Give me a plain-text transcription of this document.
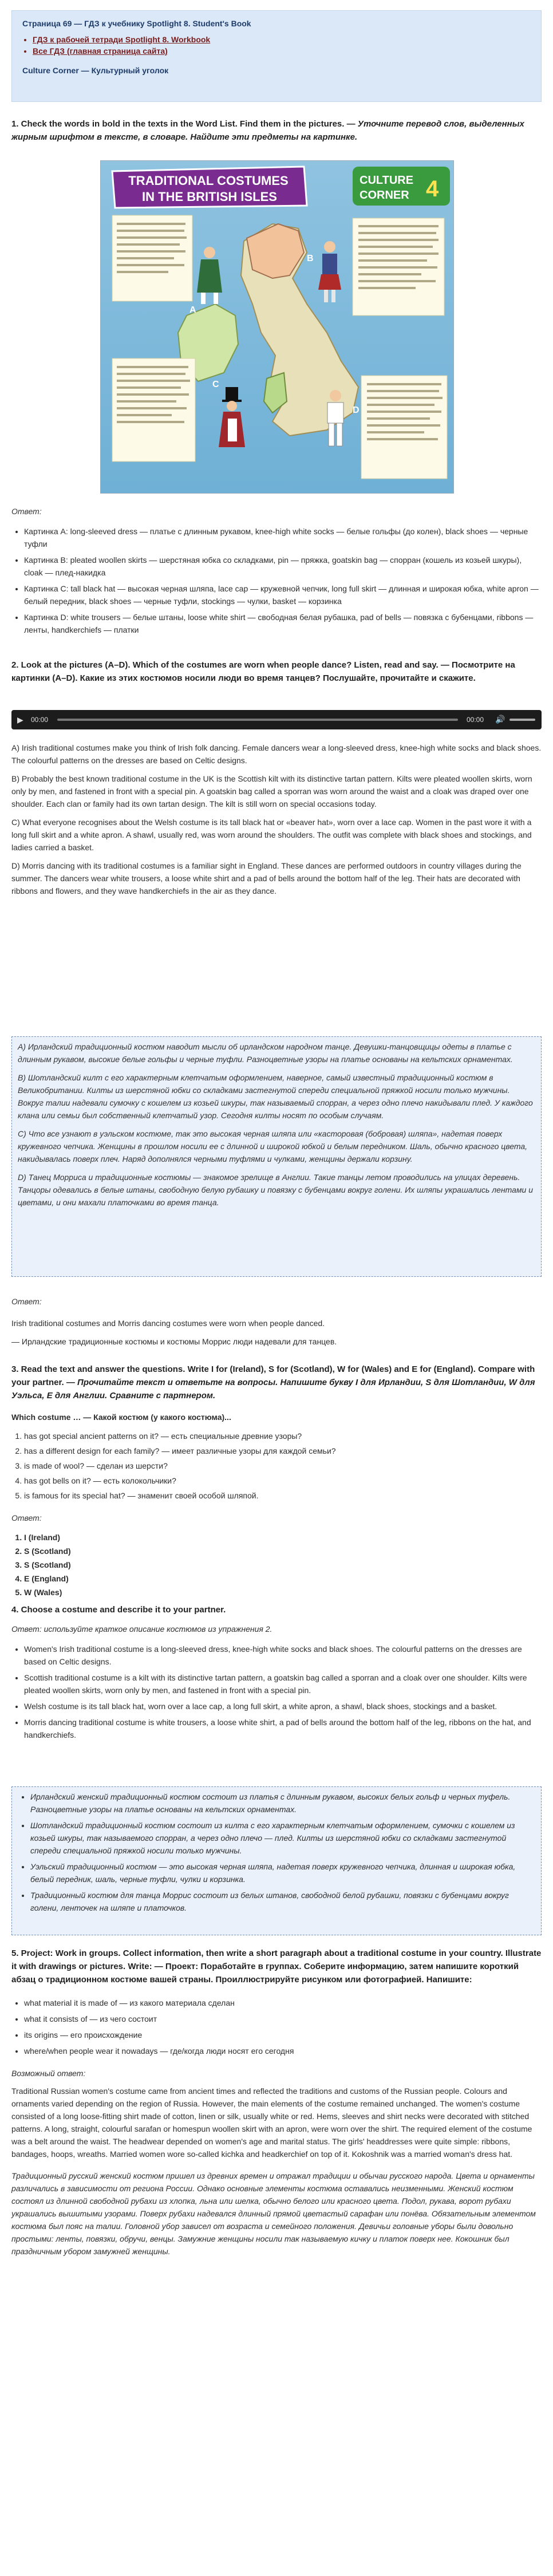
Страница 69 — ГДЗ к учебнику Spotlight 8. Student's Book

• ГДЗ к рабочей тетради Spotlight 8. Workbook
• Все ГДЗ (главная страница сайта)

Culture Corner — Культурный уголок

1. Check the words in bold in the texts in the Word List. Find them in the pictures. — Уточните перевод слов, выделенных жирным шрифтом в тексте, в словаре. Найдите эти предметы на картинке.

TRADITIONAL COSTUMES
IN THE BRITISH ISLES
CULTURE
CORNER 4
A
B
C
D

Ответ:

• Картинка A: long-sleeved dress — платье с длинным рукавом, knee-high white socks — белые гольфы (до колен), black shoes — черные туфли
• Картинка B: pleated woollen skirts — шерстяная юбка со складками, pin — пряжка, goatskin bag — спорран (кошель из козьей шкуры), cloak — плед-накидка
• Картинка C: tall black hat — высокая черная шляпа, lace cap — кружевной чепчик, long full skirt — длинная и широкая юбка, white apron — белый передник, black shoes — черные туфли, stockings — чулки, basket — корзинка
• Картинка D: white trousers — белые штаны, loose white shirt — свободная белая рубашка, pad of bells — повязка с бубенцами, ribbons — ленты, handkerchiefs — платки

2. Look at the pictures (A–D). Which of the costumes are worn when people dance? Listen, read and say. — Посмотрите на картинки (A–D). Какие из этих костюмов носили люди во время танцев? Послушайте, прочитайте и скажите.

▶ 00:00	00:00 🔊

A) Irish traditional costumes make you think of Irish folk dancing. Female dancers wear a long-sleeved dress, knee-high white socks and black shoes. The colourful patterns on the dresses are based on Celtic designs.

B) Probably the best known traditional costume in the UK is the Scottish kilt with its distinctive tartan pattern. Kilts were pleated woollen skirts, worn only by men, and fastened in front with a special pin. A goatskin bag called a sporran was worn around the waist and a cloak was draped over one shoulder. Each clan or family had its own tartan design. The kilt is still worn on special occasions today.

C) What everyone recognises about the Welsh costume is its tall black hat or «beaver hat», worn over a lace cap. Women in the past wore it with a long full skirt and a white apron. A shawl, usually red, was worn around the shoulders. The outfit was complete with black shoes and stockings, and ladies carried a basket.

D) Morris dancing with its traditional costumes is a familiar sight in England. These dances are performed outdoors in country villages during the summer. The dancers wear white trousers, a loose white shirt and a pad of bells around the bottom half of the leg. Their hats are decorated with ribbons and flowers, and they wave handkerchiefs in the air as they dance.

A) Ирландский традиционный костюм наводит мысли об ирландском народном танце. Девушки-танцовщицы одеты в платье с длинным рукавом, высокие белые гольфы и черные туфли. Разноцветные узоры на платье основаны на кельтских орнаментах.

B) Шотландский килт с его характерным клетчатым оформлением, наверное, самый известный традиционный костюм в Великобритании. Килты из шерстяной юбки со складками застегнутой спереди специальной пряжкой носили только мужчины. Вокруг талии надевали сумочку с кошелем из козьей шкуры, так называемый спорран, а через одно плечо накидывали плед. У каждого клана или семьи был собственный клетчатый узор. Сегодня килты носят по особым случаям.

C) Что все узнают в уэльском костюме, так это высокая черная шляпа или «касторовая (бобровая) шляпа», надетая поверх кружевного чепчика. Женщины в прошлом носили ее с длинной и широкой юбкой и белым передником. Шаль, обычно красного цвета, накидывалась поверх плеч. Наряд дополнялся черными туфлями и чулками, женщины держали корзину.

D) Танец Морриса и традиционные костюмы — знакомое зрелище в Англии. Такие танцы летом проводились на улицах деревень. Танцоры одевались в белые штаны, свободную белую рубашку и повязку с бубенцами вокруг голени. Их шляпы украшались лентами и цветами, и они махали платочками во время танца.

Ответ:

Irish traditional costumes and Morris dancing costumes were worn when people danced.

— Ирландские традиционные костюмы и костюмы Моррис люди надевали для танцев.

3. Read the text and answer the questions. Write I for (Ireland), S for (Scotland), W for (Wales) and E for (England). Compare with your partner. — Прочитайте текст и ответьте на вопросы. Напишите букву I для Ирландии, S для Шотландии, W для Уэльса, E для Англии. Сравните с партнером.

Which costume … — Какой костюм (у какого костюма)...

1. has got special ancient patterns on it? — есть специальные древние узоры?
2. has a different design for each family? — имеет различные узоры для каждой семьи?
3. is made of wool? — сделан из шерсти?
4. has got bells on it? — есть колокольчики?
5. is famous for its special hat? — знаменит своей особой шляпой.

Ответ:

1. I (Ireland)
2. S (Scotland)
3. S (Scotland)
4. E (England)
5. W (Wales)

4. Choose a costume and describe it to your partner.

Ответ: используйте краткое описание костюмов из упражнения 2.

• Women's Irish traditional costume is a long-sleeved dress, knee-high white socks and black shoes. The colourful patterns on the dresses are based on Celtic designs.
• Scottish traditional costume is a kilt with its distinctive tartan pattern, a goatskin bag called a sporran and a cloak over one shoulder. Kilts were pleated woollen skirts, worn only by men, and fastened in front with a special pin.
• Welsh costume is its tall black hat, worn over a lace cap, a long full skirt, a white apron, a shawl, black shoes, stockings and a basket.
• Morris dancing traditional costume is white trousers, a loose white shirt, a pad of bells around the bottom half of the leg, ribbons on the hat, and handkerchiefs.
• Ирландский женский традиционный костюм состоит из платья с длинным рукавом, высоких белых гольф и черных туфель. Разноцветные узоры на платье основаны на кельтских орнаментах.
• Шотландский традиционный костюм состоит из килта с его характерным клетчатым оформлением, сумочки с кошелем из козьей шкуры, так называемого спорран, а через одно плечо — плед. Килты из шерстяной юбки со складками застегнутой спереди специальной пряжкой носили только мужчины.
• Уэльский традиционный костюм — это высокая черная шляпа, надетая поверх кружевного чепчика, длинная и широкая юбка, белый передник, шаль, черные туфли, чулки и корзинка.
• Традиционный костюм для танца Моррис состоит из белых штанов, свободной белой рубашки, повязки с бубенцами вокруг голени, ленточек на шляпе и платочков.

5. Project: Work in groups. Collect information, then write a short paragraph about a traditional costume in your country. Illustrate it with drawings or pictures. Write: — Проект: Поработайте в группах. Соберите информацию, затем напишите короткий абзац о традиционном костюме вашей страны. Проиллюстрируйте рисунком или фотографией. Напишите:

• what material it is made of — из какого материала сделан
• what it consists of — из чего состоит
• its origins — его происхождение
• where/when people wear it nowadays — где/когда люди носят его сегодня

Возможный ответ:

Traditional Russian women's costume came from ancient times and reflected the traditions and customs of the Russian people. Colours and ornaments varied depending on the region of Russia. However, the main elements of the costume remained unchanged. The women's costume consisted of a long loose-fitting shirt made of cotton, linen or silk, usually white or red. Hems, sleeves and shirt necks were decorated with stitched patterns. A long, straight, colourful sarafan or homespun woollen skirt with an apron, were worn over the shirt. The required element of the costume was a belt around the waist. The headwear depended on women's age and marital status. The girls' headdresses were quite simple: ribbons, bandages, hoops, wreaths. Married women wore so-called kichka and headkerchief on top of it. Kokoshnik was a married woman's dress hat.

Традиционный русский женский костюм пришел из древних времен и отражал традиции и обычаи русского народа. Цвета и орнаменты различались в зависимости от региона России. Однако основные элементы костюма оставались неизменными. Женский костюм состоял из длинной свободной рубахи из хлопка, льна или шелка, обычно белого или красного цвета. Подол, рукава, ворот рубахи украшались вышитыми узорами. Поверх рубахи надевался длинный прямой цветастый сарафан или понёва. Обязательным элементом костюма был пояс на талии. Головной убор зависел от возраста и семейного положения. Девичьи головные уборы были довольно простыми: ленты, повязки, обручи, венцы. Замужние женщины носили так называемую кичку и платок поверх нее. Кокошник был праздничным убором замужней женщины.
